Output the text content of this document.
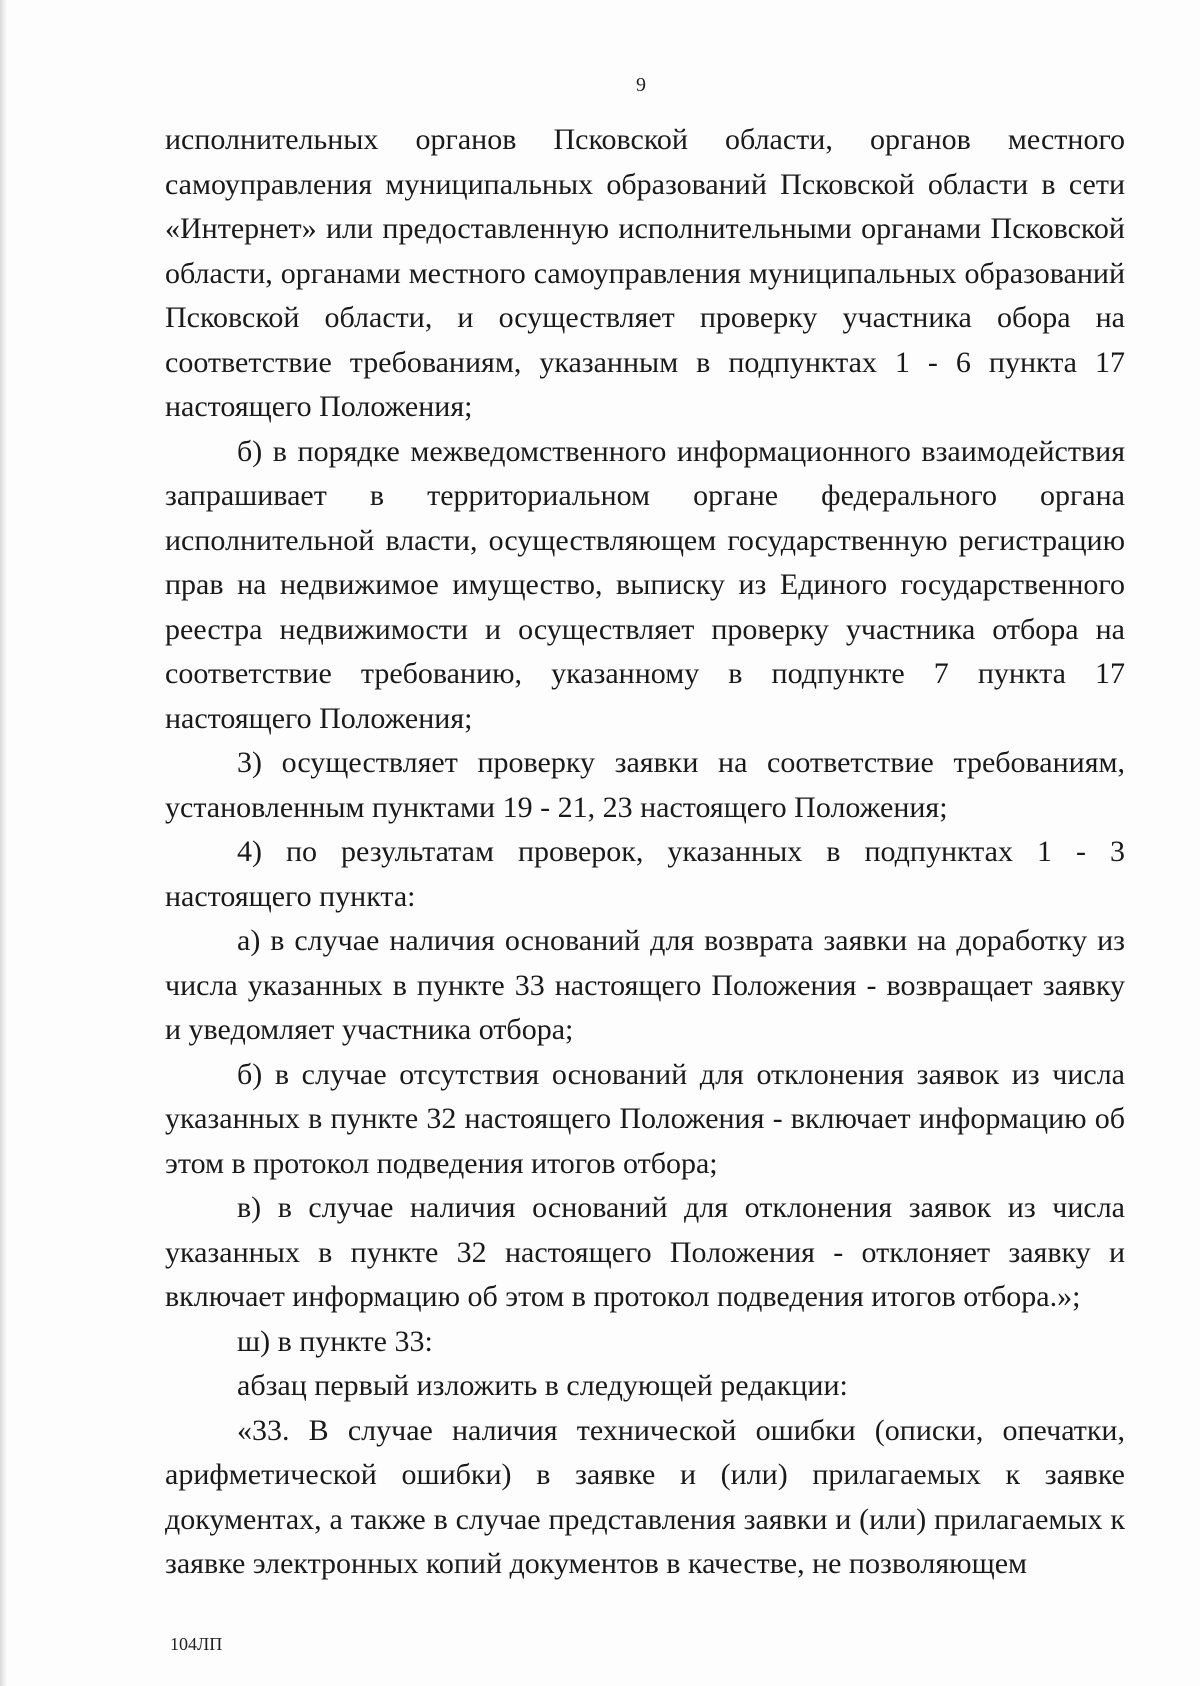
9

исполнительных органов Псковской области, органов местного самоуправления муниципальных образований Псковской области в сети «Интернет» или предоставленную исполнительными органами Псковской области, органами местного самоуправления муниципальных образований Псковской области, и осуществляет проверку участника обора на соответствие требованиям, указанным в подпунктах 1 - 6 пункта 17 настоящего Положения;

б) в порядке межведомственного информационного взаимодействия запрашивает в территориальном органе федерального органа исполнительной власти, осуществляющем государственную регистрацию прав на недвижимое имущество, выписку из Единого государственного реестра недвижимости и осуществляет проверку участника отбора на соответствие требованию, указанному в подпункте 7 пункта 17 настоящего Положения;

3) осуществляет проверку заявки на соответствие требованиям, установленным пунктами 19 - 21, 23 настоящего Положения;

4) по результатам проверок, указанных в подпунктах 1 - 3 настоящего пункта:

а) в случае наличия оснований для возврата заявки на доработку из числа указанных в пункте 33 настоящего Положения - возвращает заявку и уведомляет участника отбора;

б) в случае отсутствия оснований для отклонения заявок из числа указанных в пункте 32 настоящего Положения - включает информацию об этом в протокол подведения итогов отбора;

в) в случае наличия оснований для отклонения заявок из числа указанных в пункте 32 настоящего Положения - отклоняет заявку и включает информацию об этом в протокол подведения итогов отбора.»;

ш) в пункте 33:

абзац первый изложить в следующей редакции:

«33. В случае наличия технической ошибки (описки, опечатки, арифметической ошибки) в заявке и (или) прилагаемых к заявке документах, а также в случае представления заявки и (или) прилагаемых к заявке электронных копий документов в качестве, не позволяющем

104ЛП
